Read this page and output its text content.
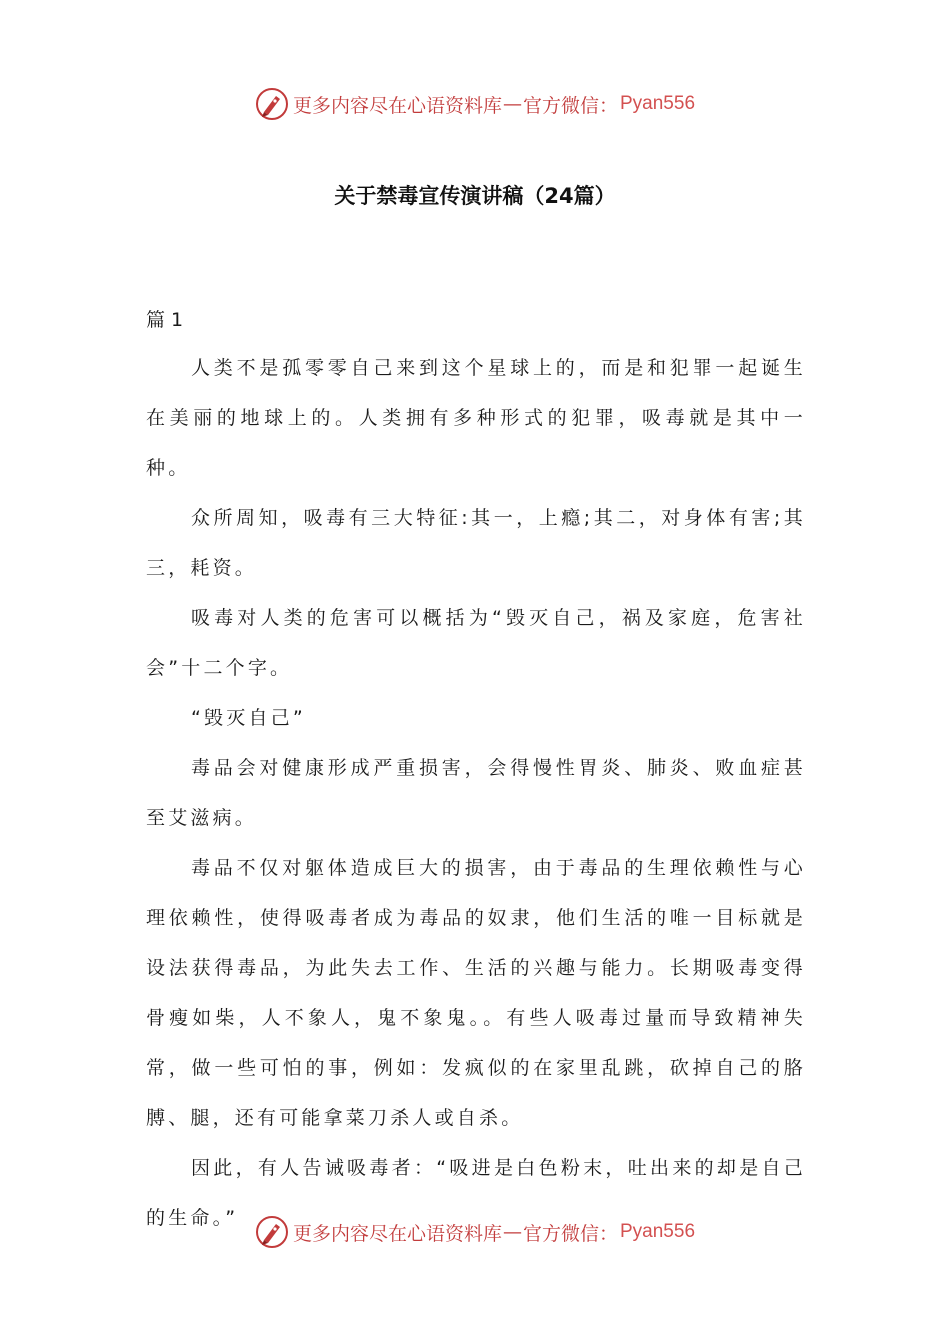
更多内容尽在心语资料库 — 官方微信： Pyan556
关于禁毒宣传演讲稿（24篇）

篇 1

人类不是孤零零自己来到这个星球上的，而是和犯罪一起诞生在美丽的地球上的。人类拥有多种形式的犯罪，吸毒就是其中一种。

众所周知，吸毒有三大特征:其一，上瘾;其二，对身体有害;其三，耗资。

吸毒对人类的危害可以概括为“毁灭自己，祸及家庭，危害社会”十二个字。

“毁灭自己”

毒品会对健康形成严重损害，会得慢性胃炎、肺炎、败血症甚至艾滋病。

毒品不仅对躯体造成巨大的损害，由于毒品的生理依赖性与心理依赖性，使得吸毒者成为毒品的奴隶，他们生活的唯一目标就是设法获得毒品，为此失去工作、生活的兴趣与能力。长期吸毒变得骨瘦如柴，人不象人，鬼不象鬼。。有些人吸毒过量而导致精神失常，做一些可怕的事，例如：发疯似的在家里乱跳，砍掉自己的胳膊、腿，还有可能拿菜刀杀人或自杀。

因此，有人告诫吸毒者：“吸进是白色粉末，吐出来的却是自己的生命。”

更多内容尽在心语资料库 — 官方微信： Pyan556
